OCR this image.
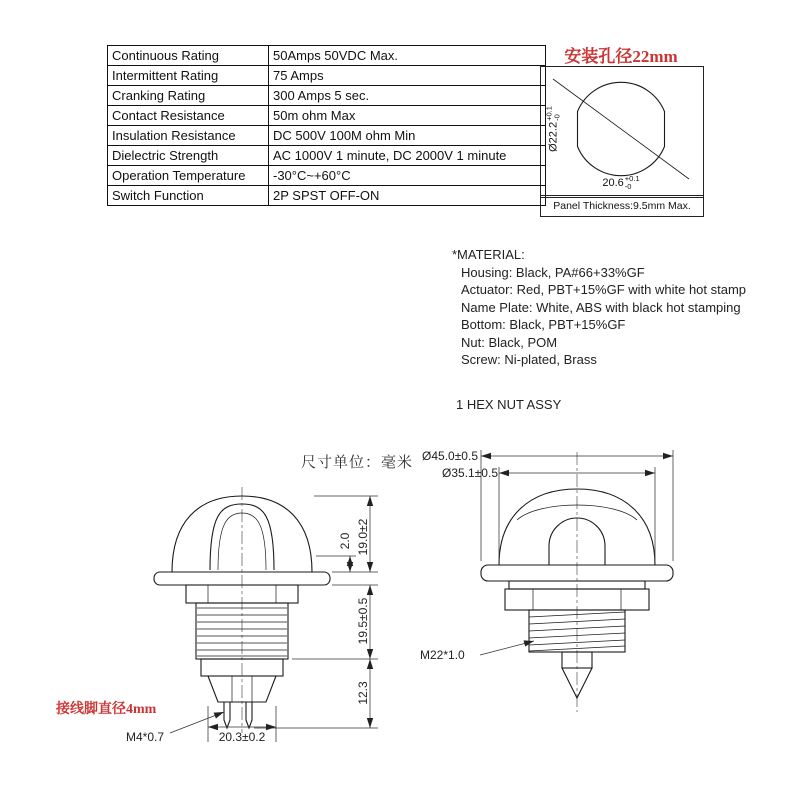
Continuous Rating	50Amps 50VDC Max.
Intermittent Rating	75 Amps
Cranking Rating	300 Amps 5 sec.
Contact Resistance	50m ohm Max
Insulation Resistance	DC 500V 100M ohm Min
Dielectric Strength	AC 1000V 1 minute, DC 2000V 1 minute
Operation Temperature	-30°C~+60°C
Switch Function	2P SPST OFF-ON
安装孔径22mm
20.6 +0.1
-0
Ø22.2
+0.1
-0
Panel Thickness:9.5mm Max.
*MATERIAL:
Housing: Black, PA#66+33%GF
Actuator: Red, PBT+15%GF with white hot stamp
Name Plate: White, ABS with black hot stamping
Bottom: Black, PBT+15%GF
Nut: Black, POM
Screw: Ni-plated, Brass
1 HEX NUT ASSY
尺寸单位：毫米
2.0 19.0±2
19.5±0.5
12.3
20.3±0.2
M4*0.7
接线脚直径4mm
Ø45.0±0.5
Ø35.1±0.5
M22*1.0
